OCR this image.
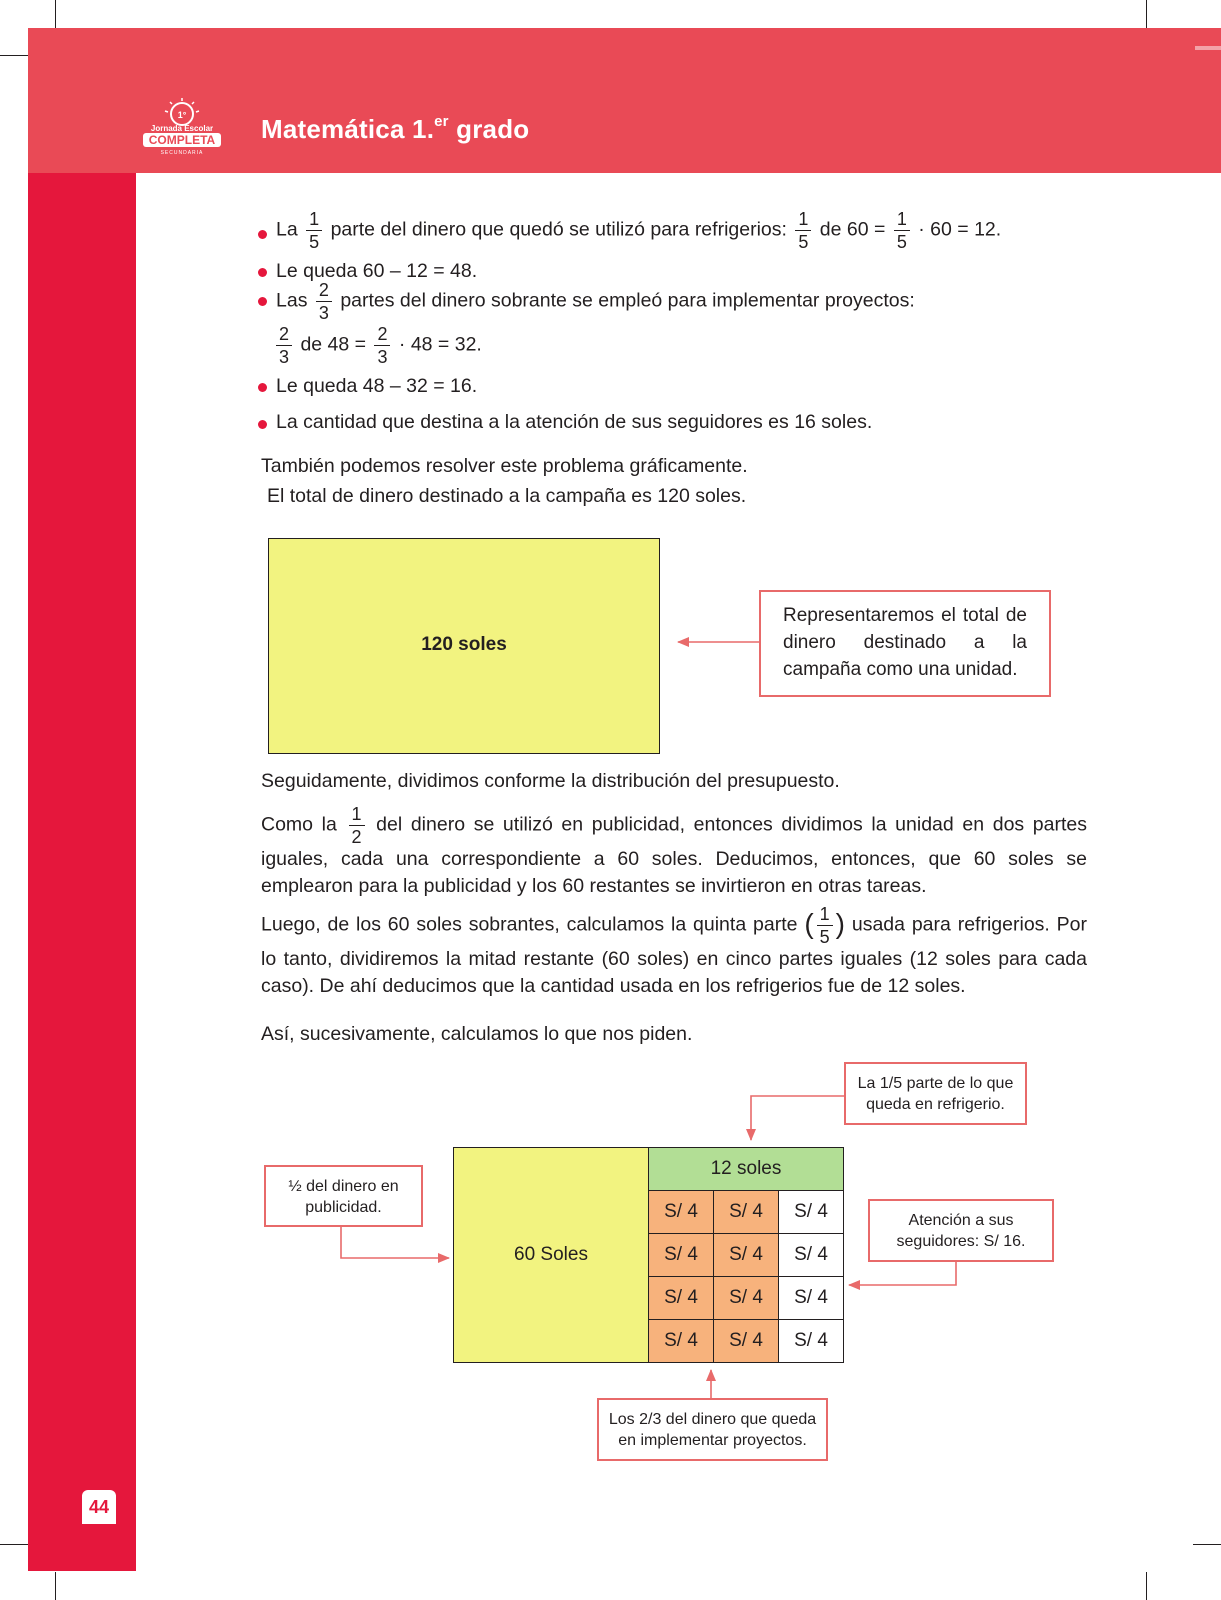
1°
Jornada Escolar
COMPLETA
SECUNDARIA
Matemática 1.$^{er}$ grado
44
La $\frac{1}{5}$ parte del dinero que quedó se utilizó para refrigerios: $\frac{1}{5}$ de $60 = \frac{1}{5} \cdot 60 = 12$.
Le queda 60 – 12 = 48.
Las $\frac{2}{3}$ partes del dinero sobrante se empleó para implementar proyectos:
$\frac{2}{3}$ de $48 = \frac{2}{3} \cdot 48 = 32$.
Le queda 48 – 32 = 16.
La cantidad que destina a la atención de sus seguidores es 16 soles.
También podemos resolver este problema gráficamente.
El total de dinero destinado a la campaña es 120 soles.
120 soles
Representaremos el total de dinero destinado a la campaña como una unidad.
Seguidamente, dividimos conforme la distribución del presupuesto.
Como la $\frac{1}{2}$ del dinero se utilizó en publicidad, entonces dividimos la unidad en dos partes iguales, cada una correspondiente a 60 soles. Deducimos, entonces, que 60 soles se emplearon para la publicidad y los 60 restantes se invirtieron en otras tareas.
Luego, de los 60 soles sobrantes, calculamos la quinta parte ( $\frac{1}{5}$ ) usada para refrigerios. Por lo tanto, dividiremos la mitad restante (60 soles) en cinco partes iguales (12 soles para cada caso). De ahí deducimos que la cantidad usada en los refrigerios fue de 12 soles.
Así, sucesivamente, calculamos lo que nos piden.
60 Soles
12 soles		
S/ 4	S/ 4	S/ 4
S/ 4	S/ 4	S/ 4
S/ 4	S/ 4	S/ 4
S/ 4	S/ 4	S/ 4
La 1/5 parte de lo que queda en refrigerio.
½ del dinero en publicidad.
Atención a sus seguidores: S/ 16.
Los 2/3 del dinero que queda en implementar proyectos.
